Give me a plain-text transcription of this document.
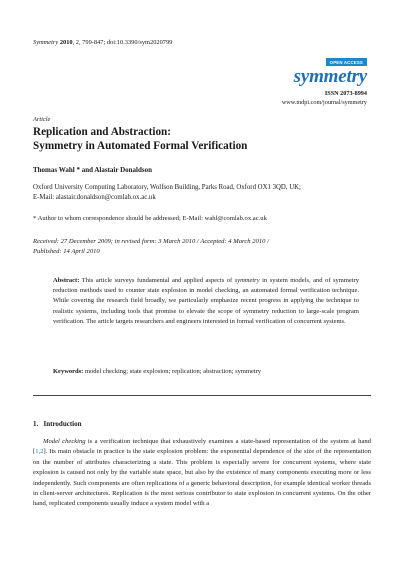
Symmetry 2010, 2, 799-847; doi:10.3390/sym2020799
OPEN ACCESS
symmetry
ISSN 2073-8994
www.mdpi.com/journal/symmetry
Article
Replication and Abstraction:
Symmetry in Automated Formal Verification
Thomas Wahl * and Alastair Donaldson
Oxford University Computing Laboratory, Wolfson Building, Parks Road, Oxford OX1 3QD, UK;
E-Mail: alastair.donaldson@comlab.ox.ac.uk
* Author to whom correspondence should be addressed; E-Mail: wahl@comlab.ox.ac.uk
Received: 27 December 2009; in revised form: 3 March 2010 / Accepted: 4 March 2010 /
Published: 14 April 2010
Abstract: This article surveys fundamental and applied aspects of symmetry in system models, and of symmetry reduction methods used to counter state explosion in model checking, an automated formal verification technique. While covering the research field broadly, we particularly emphasize recent progress in applying the technique to realistic systems, including tools that promise to elevate the scope of symmetry reduction to large-scale program verification. The article targets researchers and engineers interested in formal verification of concurrent systems.
Keywords: model checking; state explosion; replication; abstraction; symmetry
1. Introduction

Model checking is a verification technique that exhaustively examines a state-based representation of the system at hand [1,2]. Its main obstacle in practice is the state explosion problem: the exponential dependence of the size of the representation on the number of attributes characterizing a state. This problem is especially severe for concurrent systems, where state explosion is caused not only by the variable state space, but also by the existence of many components executing more or less independently. Such components are often replications of a generic behavioral description, for example identical worker threads in client-server architectures. Replication is the most serious contributor to state explosion in concurrent systems. On the other hand, replicated components usually induce a system model with a
